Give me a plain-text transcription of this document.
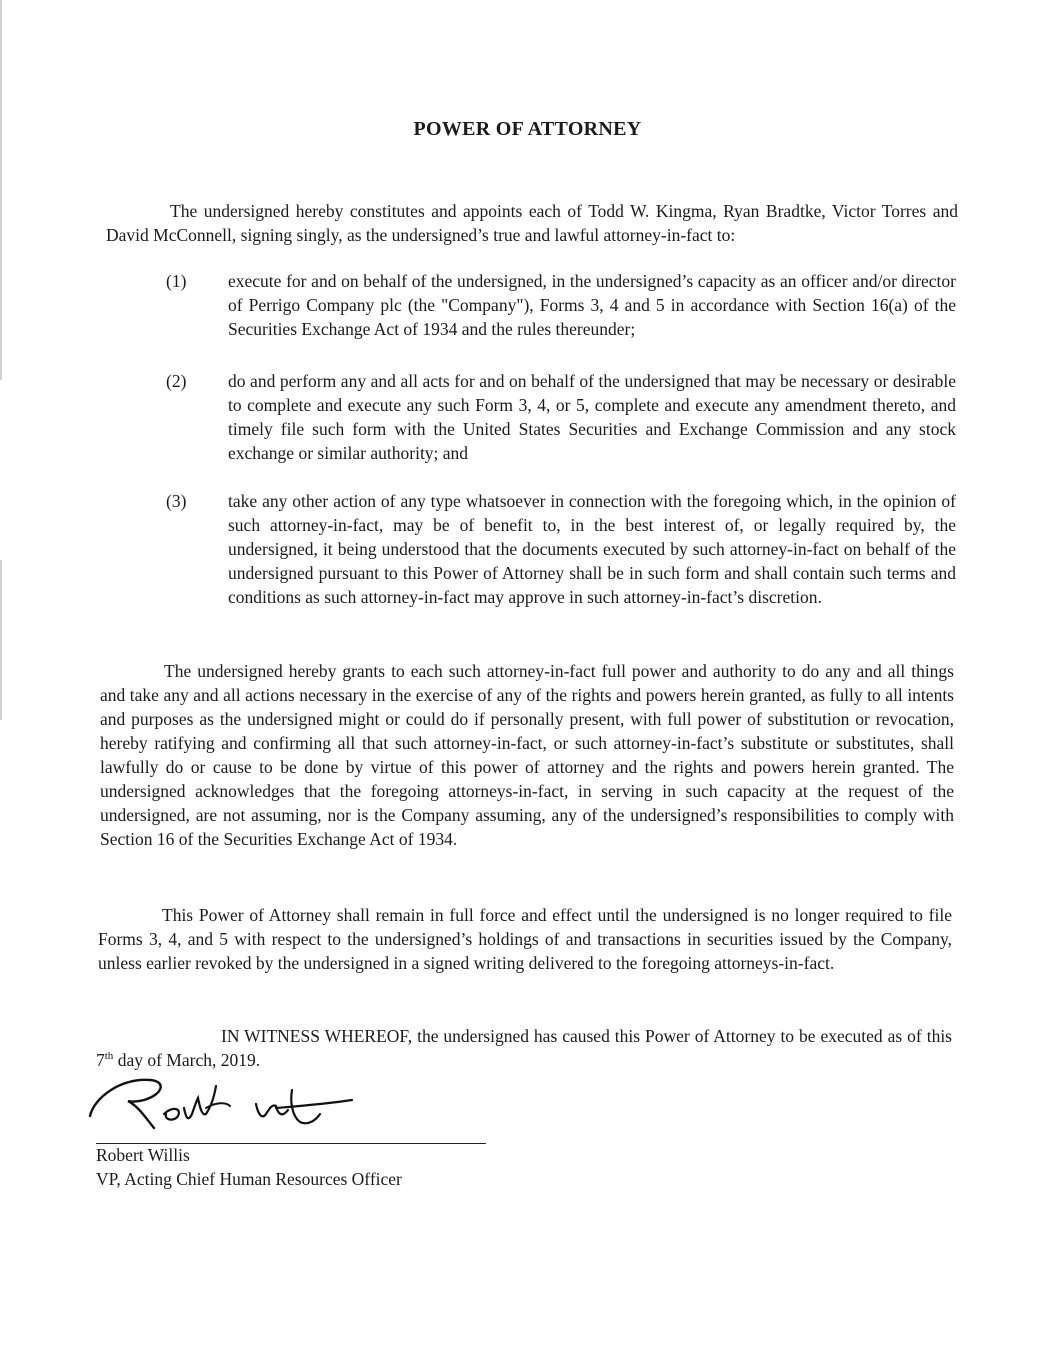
POWER OF ATTORNEY
The undersigned hereby constitutes and appoints each of Todd W. Kingma, Ryan Bradtke, Victor Torres and David McConnell, signing singly, as the undersigned’s true and lawful attorney-in-fact to:
(1) execute for and on behalf of the undersigned, in the undersigned’s capacity as an officer and/or director of Perrigo Company plc (the "Company"), Forms 3, 4 and 5 in accordance with Section 16(a) of the Securities Exchange Act of 1934 and the rules thereunder;
(2) do and perform any and all acts for and on behalf of the undersigned that may be necessary or desirable to complete and execute any such Form 3, 4, or 5, complete and execute any amendment thereto, and timely file such form with the United States Securities and Exchange Commission and any stock exchange or similar authority; and
(3) take any other action of any type whatsoever in connection with the foregoing which, in the opinion of such attorney-in-fact, may be of benefit to, in the best interest of, or legally required by, the undersigned, it being understood that the documents executed by such attorney-in-fact on behalf of the undersigned pursuant to this Power of Attorney shall be in such form and shall contain such terms and conditions as such attorney-in-fact may approve in such attorney-in-fact’s discretion.
The undersigned hereby grants to each such attorney-in-fact full power and authority to do any and all things and take any and all actions necessary in the exercise of any of the rights and powers herein granted, as fully to all intents and purposes as the undersigned might or could do if personally present, with full power of substitution or revocation, hereby ratifying and confirming all that such attorney-in-fact, or such attorney-in-fact’s substitute or substitutes, shall lawfully do or cause to be done by virtue of this power of attorney and the rights and powers herein granted. The undersigned acknowledges that the foregoing attorneys-in-fact, in serving in such capacity at the request of the undersigned, are not assuming, nor is the Company assuming, any of the undersigned’s responsibilities to comply with Section 16 of the Securities Exchange Act of 1934.
This Power of Attorney shall remain in full force and effect until the undersigned is no longer required to file Forms 3, 4, and 5 with respect to the undersigned’s holdings of and transactions in securities issued by the Company, unless earlier revoked by the undersigned in a signed writing delivered to the foregoing attorneys-in-fact.
IN WITNESS WHEREOF, the undersigned has caused this Power of Attorney to be executed as of this 7th day of March, 2019.
Robert Willis
VP, Acting Chief Human Resources Officer
